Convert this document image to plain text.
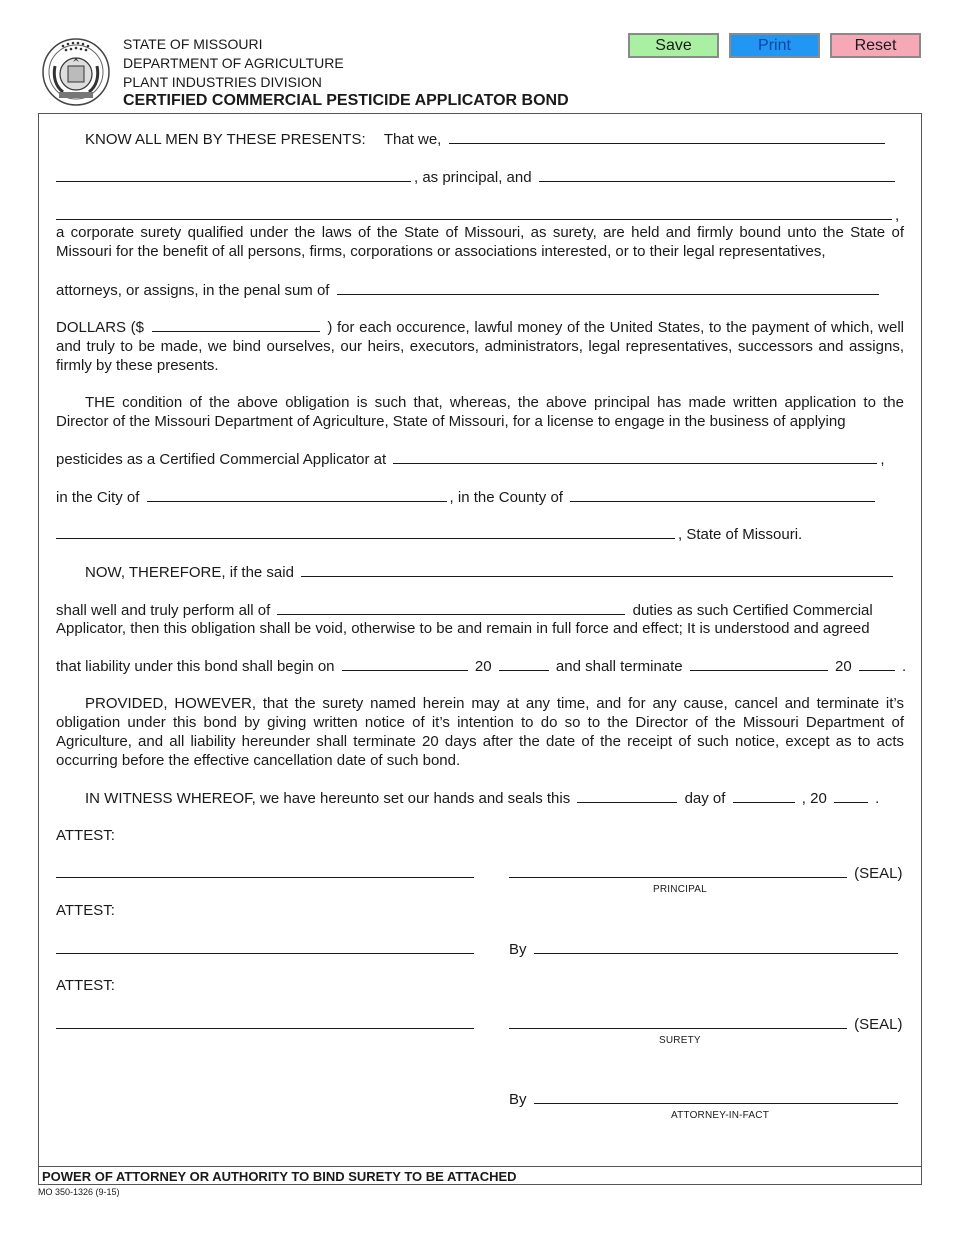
STATE OF MISSOURI
DEPARTMENT OF AGRICULTURE
PLANT INDUSTRIES DIVISION
CERTIFIED COMMERCIAL PESTICIDE APPLICATOR BOND
Save	Print	Reset
KNOW ALL MEN BY THESE PRESENTS: That we,
, as principal, and
,
a corporate surety qualified under the laws of the State of Missouri, as surety, are held and firmly bound unto the State of Missouri for the benefit of all persons, firms, corporations or associations interested, or to their legal representatives,
attorneys, or assigns, in the penal sum of
DOLLARS ($	) for each occurence, lawful money of the United States, to the payment of which, well and truly to be made, we bind ourselves, our heirs, executors, administrators, legal representatives, successors and assigns, firmly by these presents.
THE condition of the above obligation is such that, whereas, the above principal has made written application to the Director of the Missouri Department of Agriculture, State of Missouri, for a license to engage in the business of applying
pesticides as a Certified Commercial Applicator at	,
in the City of	, in the County of
, State of Missouri.
NOW, THEREFORE, if the said
shall well and truly perform all of	duties as such Certified Commercial
Applicator, then this obligation shall be void, otherwise to be and remain in full force and effect; It is understood and agreed
that liability under this bond shall begin on	20	and shall terminate	20	.
PROVIDED, HOWEVER, that the surety named herein may at any time, and for any cause, cancel and terminate it’s obligation under this bond by giving written notice of it’s intention to do so to the Director of the Missouri Department of Agriculture, and all liability hereunder shall terminate 20 days after the date of the receipt of such notice, except as to acts occurring before the effective cancellation date of such bond.
IN WITNESS WHEREOF, we have hereunto set our hands and seals this	day of	, 20	.
ATTEST:
(SEAL)
PRINCIPAL
ATTEST:
By
ATTEST:
(SEAL)
SURETY
By
ATTORNEY-IN-FACT
POWER OF ATTORNEY OR AUTHORITY TO BIND SURETY TO BE ATTACHED
MO 350-1326 (9-15)
